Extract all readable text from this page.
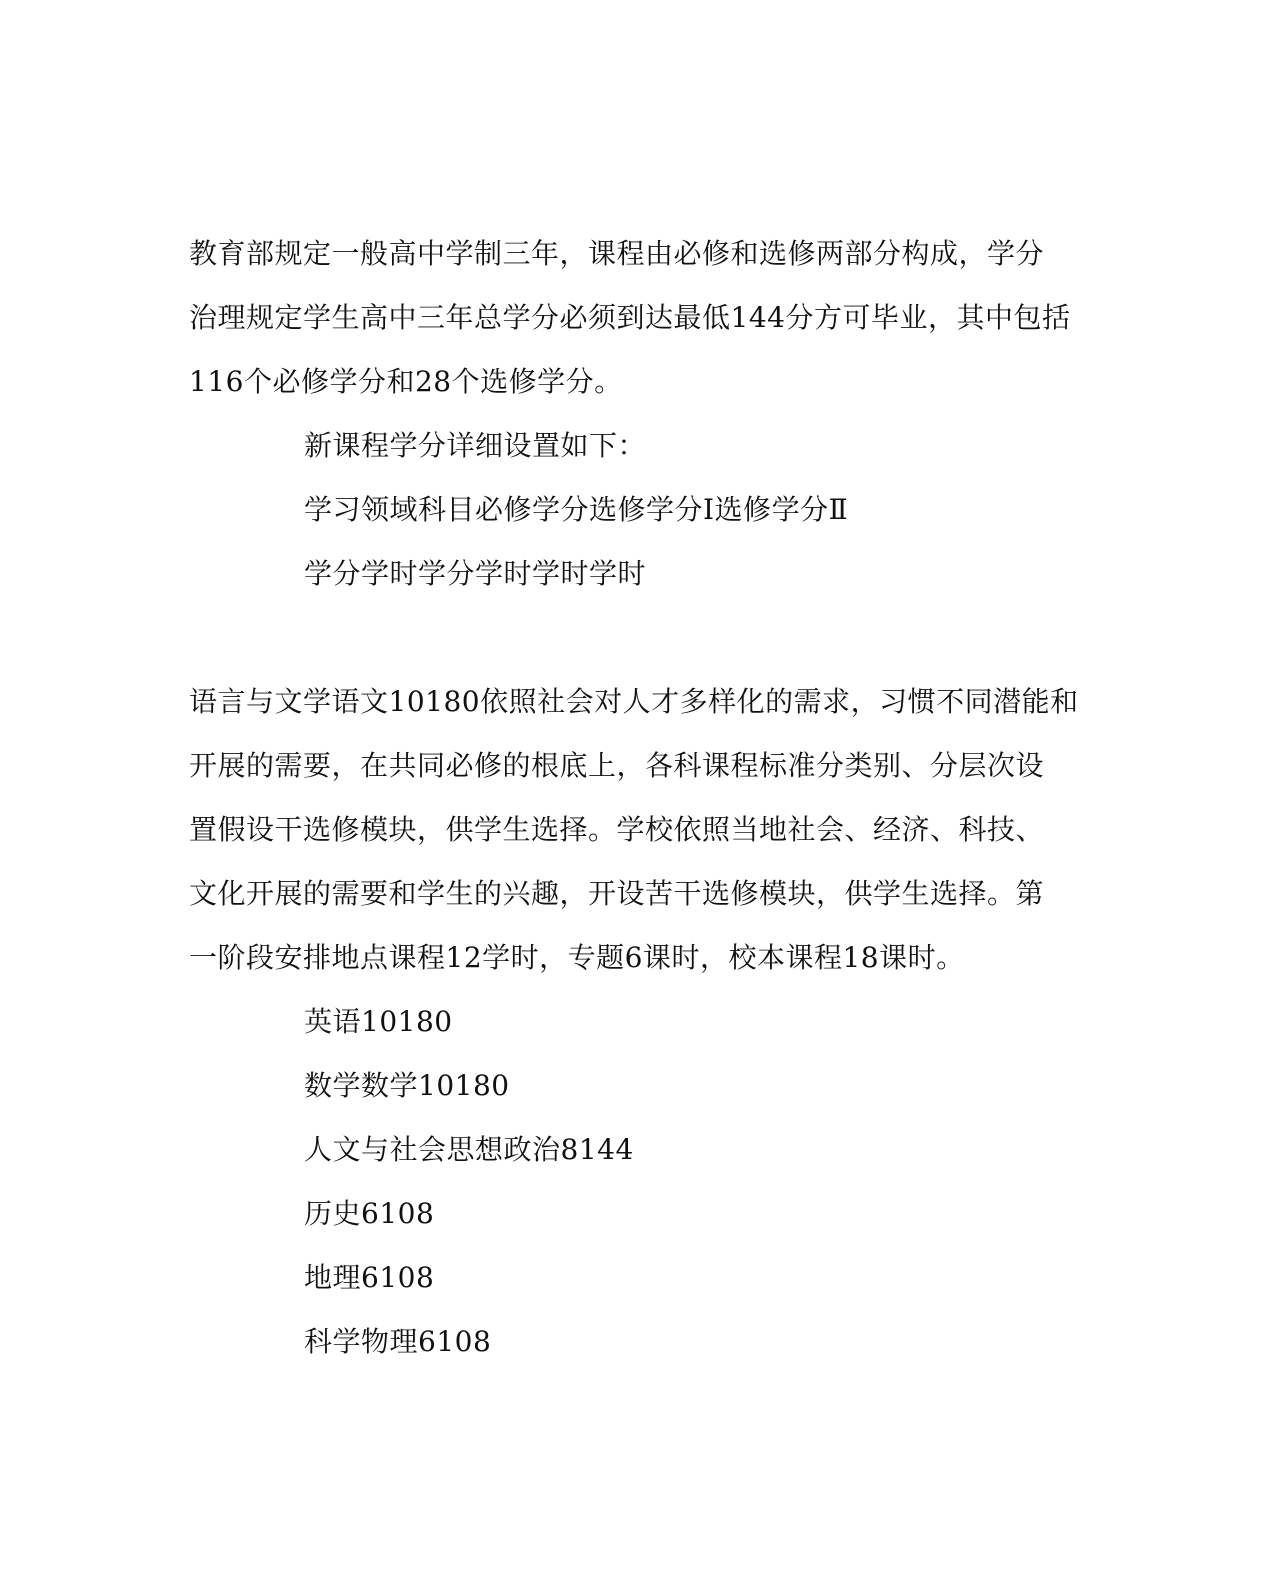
教育部规定一般高中学制三年，课程由必修和选修两部分构成，学分
治理规定学生高中三年总学分必须到达最低144分方可毕业，其中包括
116个必修学分和28个选修学分。
新课程学分详细设置如下：
学习领域科目必修学分选修学分I选修学分Ⅱ
学分学时学分学时学时学时
语言与文学语文10180依照社会对人才多样化的需求，习惯不同潜能和
开展的需要，在共同必修的根底上，各科课程标准分类别、分层次设
置假设干选修模块，供学生选择。学校依照当地社会、经济、科技、
文化开展的需要和学生的兴趣，开设苦干选修模块，供学生选择。第
一阶段安排地点课程12学时，专题6课时，校本课程18课时。
英语10180
数学数学10180
人文与社会思想政治8144
历史6108
地理6108
科学物理6108
